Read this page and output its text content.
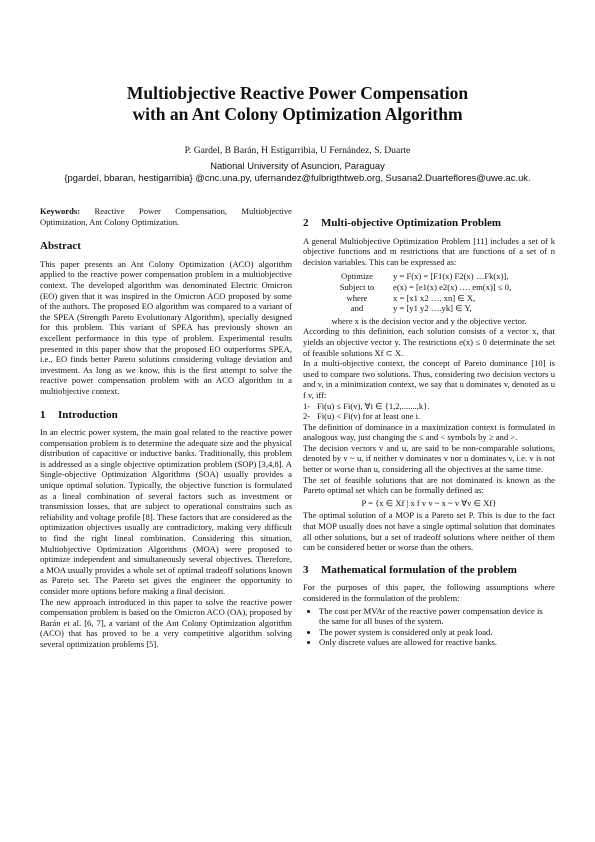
Multiobjective Reactive Power Compensation
with an Ant Colony Optimization Algorithm
P. Gardel, B Barán, H Estigarribia, U Fernández, S. Duarte
National University of Asuncion, Paraguay
{pgardel, bbaran, hestigarribia} @cnc.una.py, ufernandez@fulbrigthtweb.org, Susana2.Duarteflores@uwe.ac.uk.

Keywords: Reactive Power Compensation, Multiobjective Optimization, Ant Colony Optimization.

Abstract

This paper presents an Ant Colony Optimization (ACO) algorithm applied to the reactive power compensation problem in a multiobjective context. The developed algorithm was denominated Electric Omicron (EO) given that it was inspired in the Omicron ACO proposed by some of the authors. The proposed EO algorithm was compared to a variant of the SPEA (Strength Pareto Evolutionary Algorithm), specially designed for this problem. This variant of SPEA has previously shown an excellent performance in this type of problem. Experimental results presented in this paper show that the proposed EO outperforms SPEA, i.e., EO finds better Pareto solutions considering voltage deviation and investment. As long as we know, this is the first attempt to solve the reactive power compensation problem with an ACO algorithm in a multiobjective context.

1 Introduction

In an electric power system, the main goal related to the reactive power compensation problem is to determine the adequate size and the physical distribution of capacitive or inductive banks. Traditionally, this problem is addressed as a single objective optimization problem (SOP) [3,4,8]. A Single-objective Optimization Algorithms (SOA) usually provides a unique optimal solution. Typically, the objective function is formulated as a lineal combination of several factors such as investment or transmission losses, that are subject to operational constrains such as reliability and voltage profile [8]. These factors that are considered as the optimization objectives usually are contradictory, making very difficult to find the right lineal combination. Considering this situation, Multiobjective Optimization Algorithms (MOA) were proposed to optimize independent and simultaneously several objectives. Therefore, a MOA usually provides a whole set of optimal tradeoff solutions known as Pareto set. The Pareto set gives the engineer the opportunity to consider more options before making a final decision.

The new approach introduced in this paper to solve the reactive power compensation problem is based on the Omicron ACO (OA), proposed by Barán et al. [6, 7], a variant of the Ant Colony Optimization algorithm (ACO) that has proved to be a very competitive algorithm solving several optimization problems [5].

2 Multi-objective Optimization Problem

A general Multiobjective Optimization Problem [11] includes a set of k objective functions and m restrictions that are functions of a set of n decision variables. This can be expressed as:

Optimize	y = F(x) = [F1(x) F2(x) …Fk(x)],
Subject to	e(x) = [e1(x) e2(x) …. em(x)] ≤ 0,
where	x = [x1 x2 …. xn] ∈ X,
and	y = [y1 y2 ….yk] ∈ Y,

where x is the decision vector and y the objective vector.

According to this definition, each solution consists of a vector x, that yields an objective vector y. The restrictions e(x) ≤ 0 determinate the set of feasible solutions Xf ⊂ X.

In a multi-objective context, the concept of Pareto dominance [10] is used to compare two solutions. Thus, considering two decision vectors u and v, in a minimization context, we say that u dominates v, denoted as u f v, iff:

1- Fi(u) ≤ Fi(v), ∀i ∈ {1,2,.......,k}.
2- Fi(u) < Fi(v) for at least one i.

The definition of dominance in a maximization context is formulated in analogous way, just changing the ≤ and < symbols by ≥ and >.

The decision vectors v and u, are said to be non-comparable solutions, denoted by v ~ u, if neither v dominates v nor u dominates v, i.e. v is not better or worse than u, considering all the objectives at the same time.

The set of feasible solutions that are not dominated is known as the Pareto optimal set which can be formally defined as:

P = {x ∈ Xf | x f v v ~ x ~ v ∀v ∈ Xf}

The optimal solution of a MOP is a Pareto set P. This is due to the fact that MOP usually does not have a single optimal solution that dominates all other solutions, but a set of tradeoff solutions where neither of them can be considered better or worse than the others.

3 Mathematical formulation of the problem

For the purposes of this paper, the following assumptions where considered in the formulation of the problem:

• The cost per MVAr of the reactive power compensation device is the same for all buses of the system.
• The power system is considered only at peak load.
• Only discrete values are allowed for reactive banks.
